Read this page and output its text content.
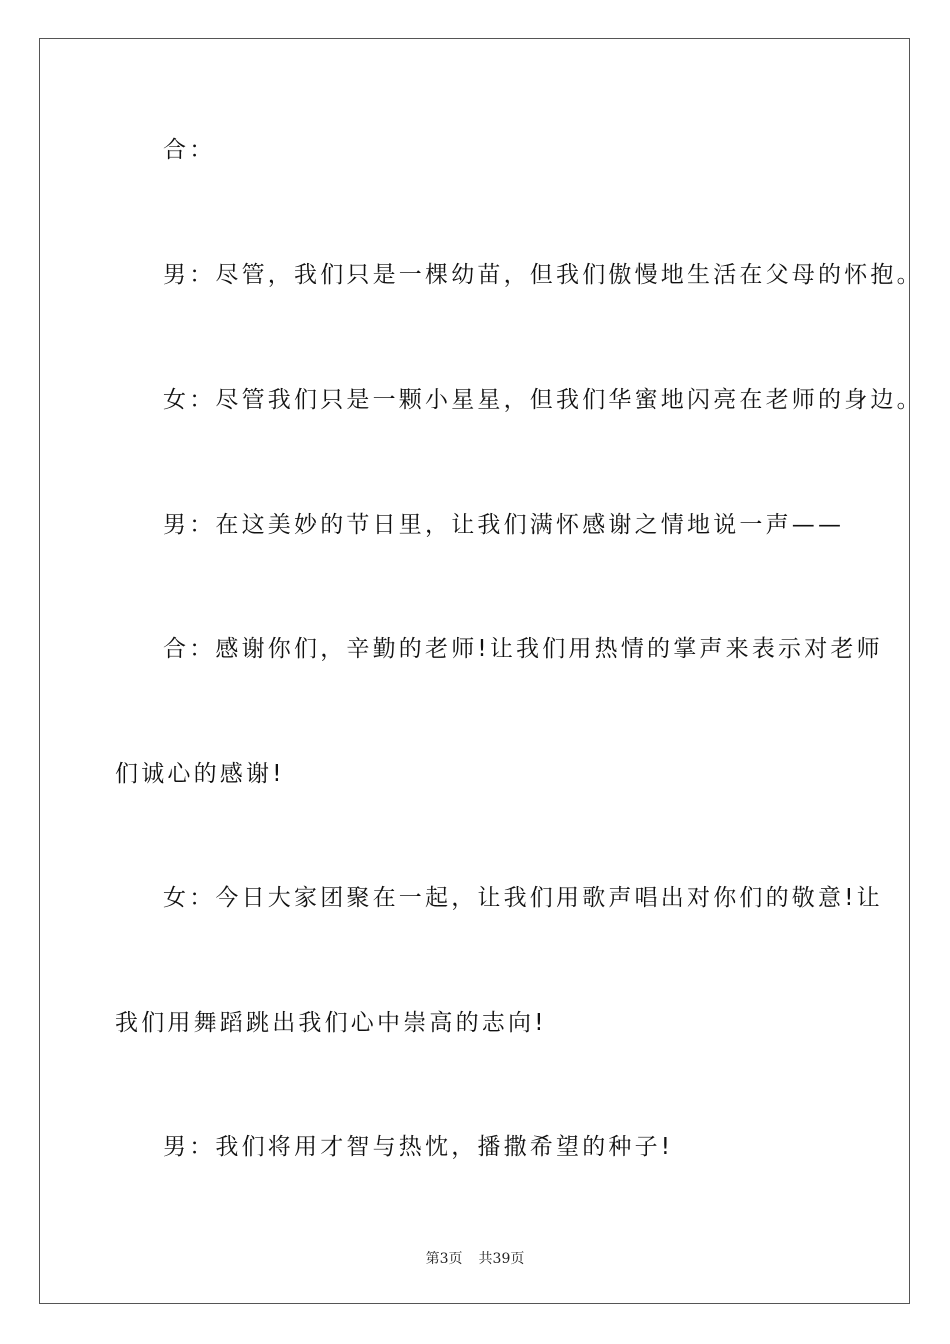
合：
男：尽管，我们只是一棵幼苗，但我们傲慢地生活在父母的怀抱。
女：尽管我们只是一颗小星星，但我们华蜜地闪亮在老师的身边。
男：在这美妙的节日里，让我们满怀感谢之情地说一声——
合：感谢你们，辛勤的老师!让我们用热情的掌声来表示对老师
们诚心的感谢!
女：今日大家团聚在一起，让我们用歌声唱出对你们的敬意!让
我们用舞蹈跳出我们心中崇高的志向!
男：我们将用才智与热忱，播撒希望的种子!
第3页 共39页
